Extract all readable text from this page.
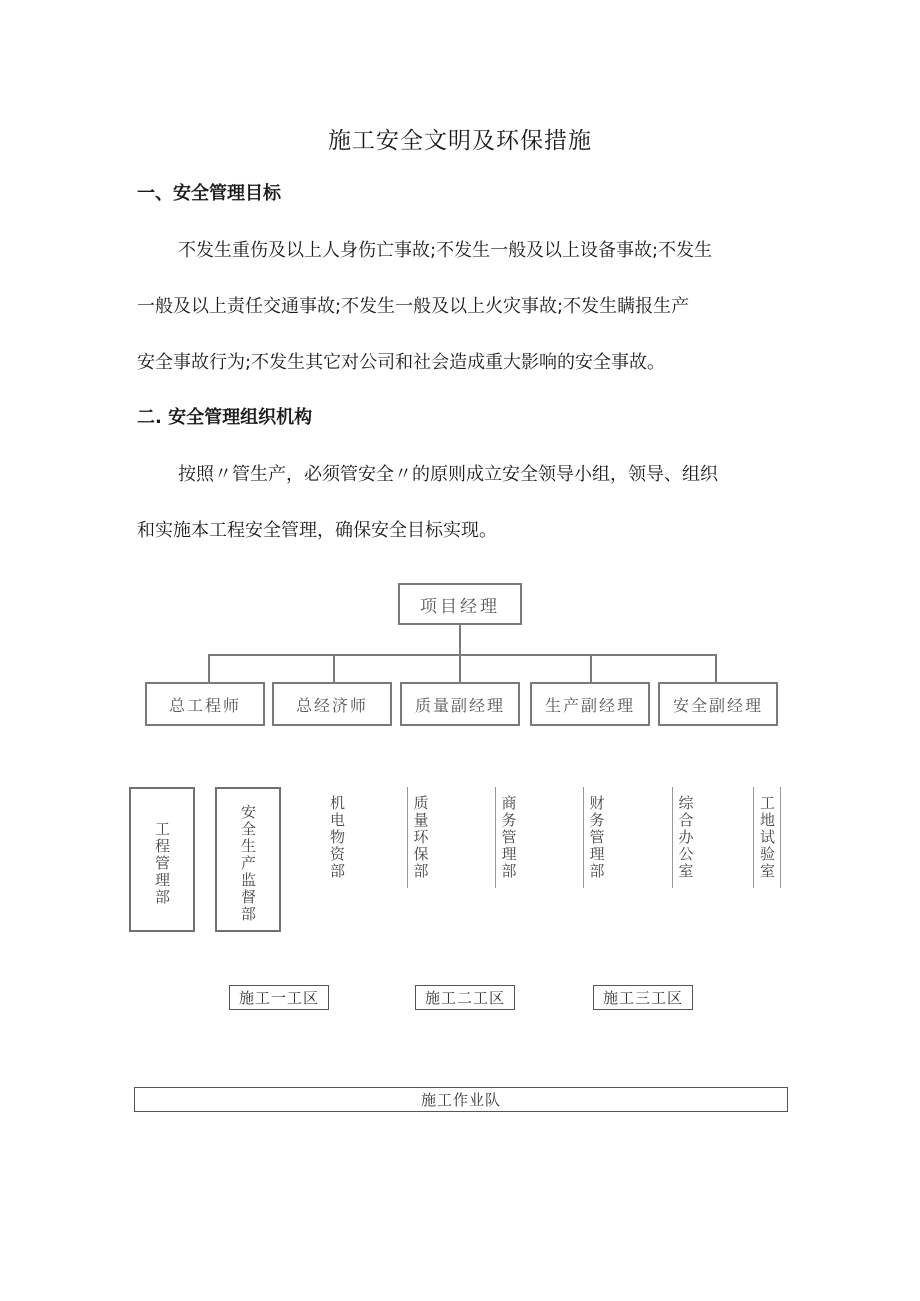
施工安全文明及环保措施
一、安全管理目标
不发生重伤及以上人身伤亡事故;不发生一般及以上设备事故;不发生
一般及以上责任交通事故;不发生一般及以上火灾事故;不发生瞒报生产
安全事故行为;不发生其它对公司和社会造成重大影响的安全事故。
二. 安全管理组织机构
按照〃管生产，必须管安全〃的原则成立安全领导小组，领导、组织
和实施本工程安全管理，确保安全目标实现。
项目经理
总工程师	总经济师	质量副经理	生产副经理	安全副经理
工程管理部	安全生产监督部	机电物资部	质量环保部	商务管理部	财务管理部	综合办公室	工地试验室
施工一工区	施工二工区	施工三工区
施工作业队
